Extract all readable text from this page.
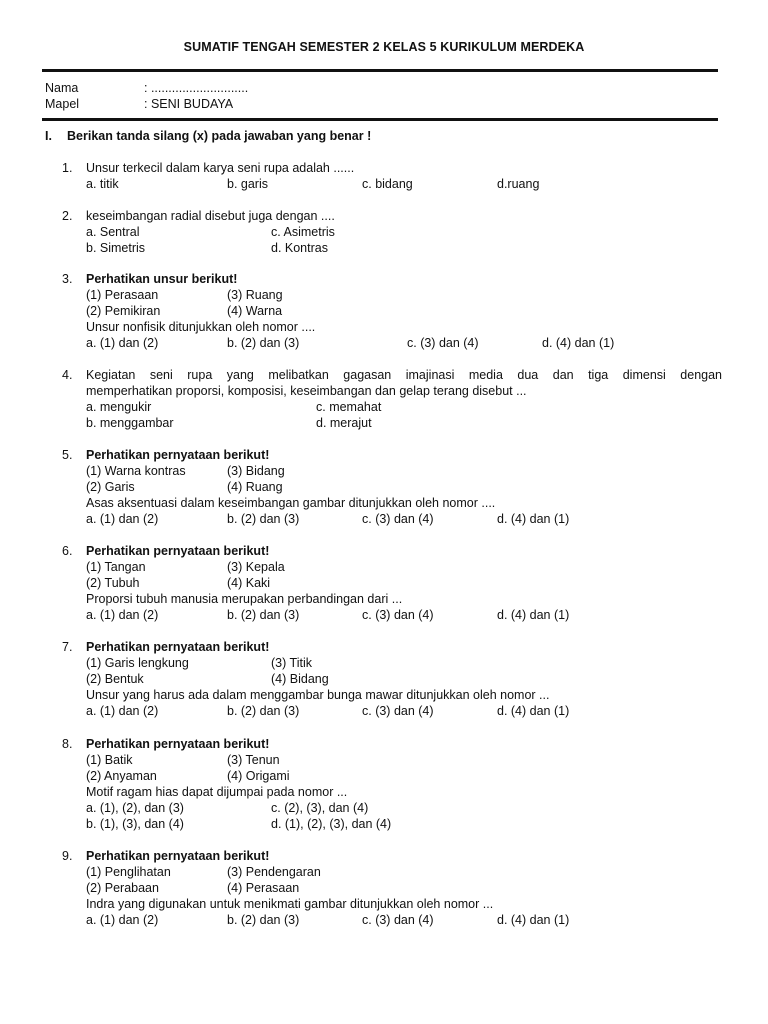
SUMATIF TENGAH SEMESTER 2 KELAS 5 KURIKULUM MERDEKA
Nama	: ............................
Mapel	: SENI BUDAYA
I. Berikan tanda silang (x) pada jawaban yang benar !
1. Unsur terkecil dalam karya seni rupa adalah ......
a. titik	b. garis	c. bidang	d.ruang
2. keseimbangan radial disebut juga dengan ....
a. Sentral	c. Asimetris
b. Simetris	d. Kontras
3. Perhatikan unsur berikut!
(1) Perasaan	(3) Ruang
(2) Pemikiran	(4) Warna
Unsur nonfisik ditunjukkan oleh nomor ....
a. (1) dan (2)	b. (2) dan (3)	c. (3) dan (4)	d. (4) dan (1)
4. Kegiatan seni rupa yang melibatkan gagasan imajinasi media dua dan tiga dimensi dengan
memperhatikan proporsi, komposisi, keseimbangan dan gelap terang disebut ...
a. mengukir	c. memahat
b. menggambar	d. merajut
5. Perhatikan pernyataan berikut!
(1) Warna kontras	(3) Bidang
(2) Garis	(4) Ruang
Asas aksentuasi dalam keseimbangan gambar ditunjukkan oleh nomor ....
a. (1) dan (2)	b. (2) dan (3)	c. (3) dan (4)	d. (4) dan (1)
6. Perhatikan pernyataan berikut!
(1) Tangan	(3) Kepala
(2) Tubuh	(4) Kaki
Proporsi tubuh manusia merupakan perbandingan dari ...
a. (1) dan (2)	b. (2) dan (3)	c. (3) dan (4)	d. (4) dan (1)
7. Perhatikan pernyataan berikut!
(1) Garis lengkung	(3) Titik
(2) Bentuk	(4) Bidang
Unsur yang harus ada dalam menggambar bunga mawar ditunjukkan oleh nomor ...
a. (1) dan (2)	b. (2) dan (3)	c. (3) dan (4)	d. (4) dan (1)
8. Perhatikan pernyataan berikut!
(1) Batik	(3) Tenun
(2) Anyaman	(4) Origami
Motif ragam hias dapat dijumpai pada nomor ...
a. (1), (2), dan (3)	c. (2), (3), dan (4)
b. (1), (3), dan (4)	d. (1), (2), (3), dan (4)
9. Perhatikan pernyataan berikut!
(1) Penglihatan	(3) Pendengaran
(2) Perabaan	(4) Perasaan
Indra yang digunakan untuk menikmati gambar ditunjukkan oleh nomor ...
a. (1) dan (2)	b. (2) dan (3)	c. (3) dan (4)	d. (4) dan (1)
